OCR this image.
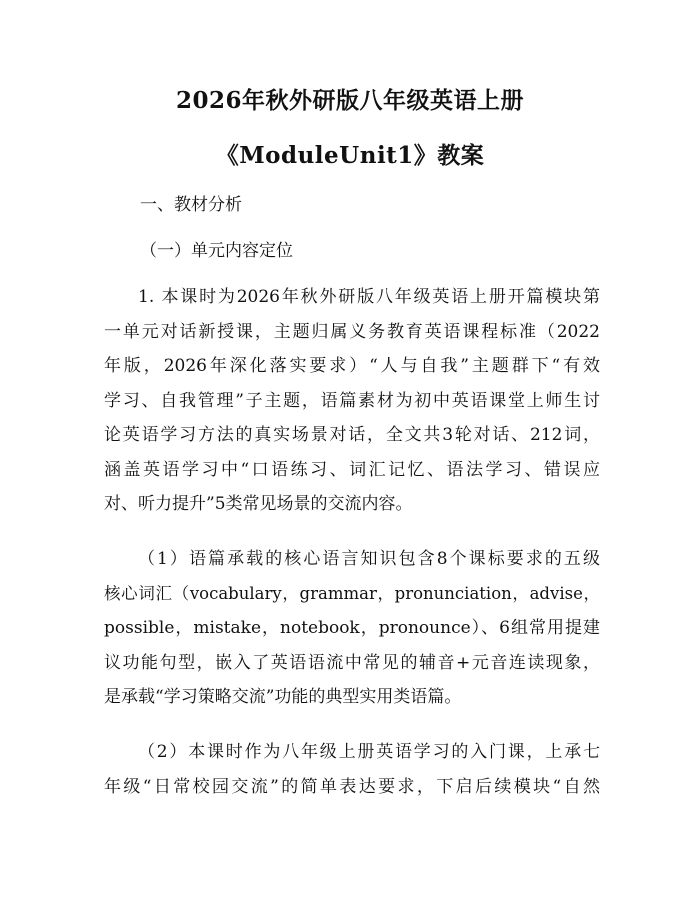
2026年秋外研版八年级英语上册
《ModuleUnit1》教案
一、教材分析
（一）单元内容定位
1. 本课时为2026年秋外研版八年级英语上册开篇模块第
一单元对话新授课，主题归属义务教育英语课程标准（2022
年版，2026年深化落实要求）“人与自我”主题群下“有效
学习、自我管理”子主题，语篇素材为初中英语课堂上师生讨
论英语学习方法的真实场景对话，全文共3轮对话、212词，
涵盖英语学习中“口语练习、词汇记忆、语法学习、错误应
对、听力提升”5类常见场景的交流内容。
（1）语篇承载的核心语言知识包含8个课标要求的五级
核心词汇（vocabulary，grammar，pronunciation，advise，
possible，mistake，notebook，pronounce）、6组常用提建
议功能句型，嵌入了英语语流中常见的辅音+元音连读现象，
是承载“学习策略交流”功能的典型实用类语篇。
（2）本课时作为八年级上册英语学习的入门课，上承七
年级“日常校园交流”的简单表达要求，下启后续模块“自然
